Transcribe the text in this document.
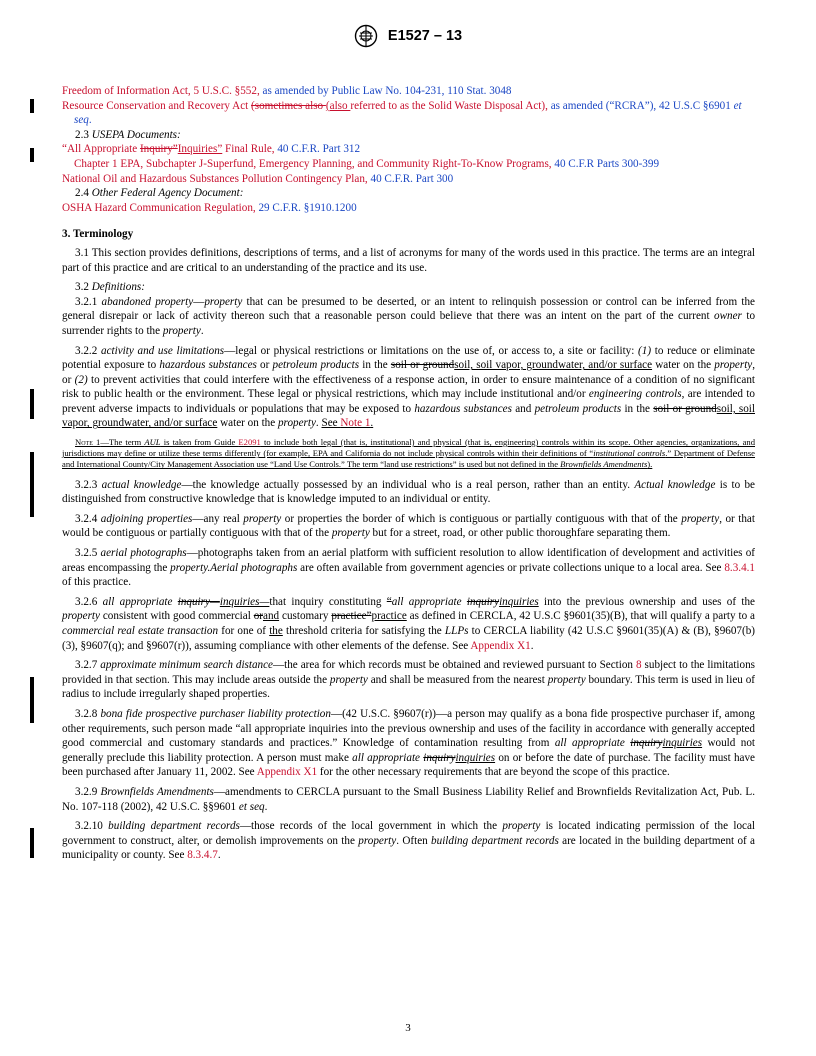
E1527 – 13
Freedom of Information Act, 5 U.S.C. §552, as amended by Public Law No. 104-231, 110 Stat. 3048
Resource Conservation and Recovery Act (sometimes also (also referred to as the Solid Waste Disposal Act), as amended (“RCRA”), 42 U.S.C §6901 et seq.
2.3 USEPA Documents:
“All Appropriate Inquiry”Inquiries” Final Rule, 40 C.F.R. Part 312
Chapter 1 EPA, Subchapter J-Superfund, Emergency Planning, and Community Right-To-Know Programs, 40 C.F.R Parts 300-399
National Oil and Hazardous Substances Pollution Contingency Plan, 40 C.F.R. Part 300
2.4 Other Federal Agency Document:
OSHA Hazard Communication Regulation, 29 C.F.R. §1910.1200
3. Terminology

3.1 This section provides definitions, descriptions of terms, and a list of acronyms for many of the words used in this practice. The terms are an integral part of this practice and are critical to an understanding of the practice and its use.

3.2 Definitions:

3.2.1 abandoned property—property that can be presumed to be deserted, or an intent to relinquish possession or control can be inferred from the general disrepair or lack of activity thereon such that a reasonable person could believe that there was an intent on the part of the current owner to surrender rights to the property.

3.2.2 activity and use limitations—legal or physical restrictions or limitations on the use of, or access to, a site or facility: (1) to reduce or eliminate potential exposure to hazardous substances or petroleum products in the soil or groundsoil, soil vapor, groundwater, and/or surface water on the property, or (2) to prevent activities that could interfere with the effectiveness of a response action, in order to ensure maintenance of a condition of no significant risk to public health or the environment. These legal or physical restrictions, which may include institutional and/or engineering controls, are intended to prevent adverse impacts to individuals or populations that may be exposed to hazardous substances and petroleum products in the soil or groundsoil, soil vapor, groundwater, and/or surface water on the property. See Note 1.

Note 1—The term AUL is taken from Guide E2091 to include both legal (that is, institutional) and physical (that is, engineering) controls within its scope. Other agencies, organizations, and jurisdictions may define or utilize these terms differently (for example, EPA and California do not include physical controls within their definitions of “institutional controls.” Department of Defense and International County/City Management Association use “Land Use Controls.” The term “land use restrictions” is used but not defined in the Brownfields Amendments).

3.2.3 actual knowledge—the knowledge actually possessed by an individual who is a real person, rather than an entity. Actual knowledge is to be distinguished from constructive knowledge that is knowledge imputed to an individual or entity.

3.2.4 adjoining properties—any real property or properties the border of which is contiguous or partially contiguous with that of the property, or that would be contiguous or partially contiguous with that of the property but for a street, road, or other public thoroughfare separating them.

3.2.5 aerial photographs—photographs taken from an aerial platform with sufficient resolution to allow identification of development and activities of areas encompassing the property.Aerial photographs are often available from government agencies or private collections unique to a local area. See 8.3.4.1 of this practice.

3.2.6 all appropriate inquiry—inquiries—that inquiry constituting “all appropriate inquiryinquiries into the previous ownership and uses of the property consistent with good commercial orand customary practice”practice as defined in CERCLA, 42 U.S.C §9601(35)(B), that will qualify a party to a commercial real estate transaction for one of the threshold criteria for satisfying the LLPs to CERCLA liability (42 U.S.C §9601(35)(A) & (B), §9607(b)(3), §9607(q); and §9607(r)), assuming compliance with other elements of the defense. See Appendix X1.

3.2.7 approximate minimum search distance—the area for which records must be obtained and reviewed pursuant to Section 8 subject to the limitations provided in that section. This may include areas outside the property and shall be measured from the nearest property boundary. This term is used in lieu of radius to include irregularly shaped properties.

3.2.8 bona fide prospective purchaser liability protection—(42 U.S.C. §9607(r))—a person may qualify as a bona fide prospective purchaser if, among other requirements, such person made “all appropriate inquiries into the previous ownership and uses of the facility in accordance with generally accepted good commercial and customary standards and practices.” Knowledge of contamination resulting from all appropriate inquiryinquiries would not generally preclude this liability protection. A person must make all appropriate inquiryinquiries on or before the date of purchase. The facility must have been purchased after January 11, 2002. See Appendix X1 for the other necessary requirements that are beyond the scope of this practice.

3.2.9 Brownfields Amendments—amendments to CERCLA pursuant to the Small Business Liability Relief and Brownfields Revitalization Act, Pub. L. No. 107-118 (2002), 42 U.S.C. §§9601 et seq.

3.2.10 building department records—those records of the local government in which the property is located indicating permission of the local government to construct, alter, or demolish improvements on the property. Often building department records are located in the building department of a municipality or county. See 8.3.4.7.

3
